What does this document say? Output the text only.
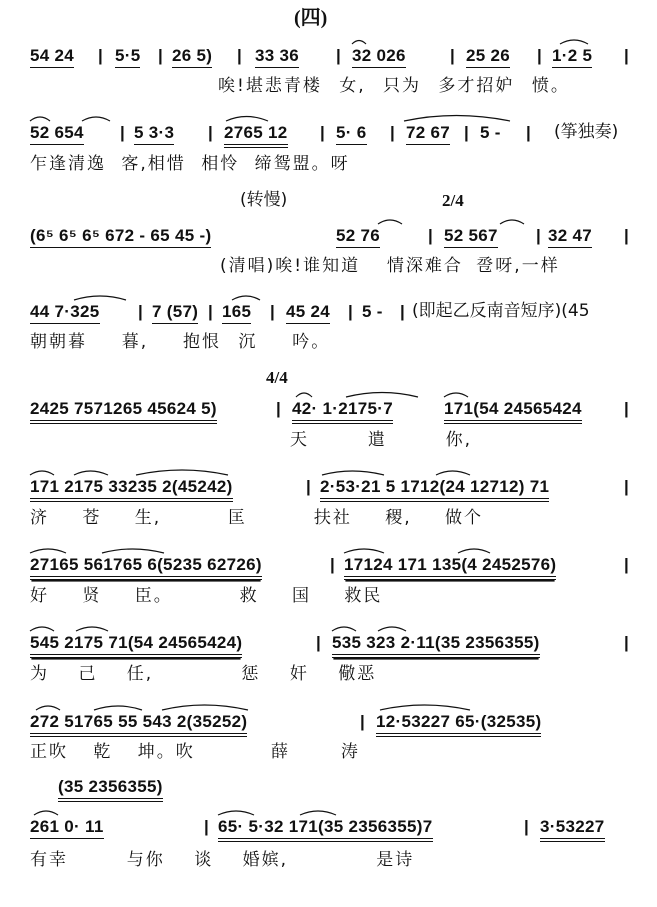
(四)
54 24 | 5·5 | 26 5) | 33 36 | 32 026	| 25 26 | 1·2 5 |
唉!堪悲青楼 女, 只为 多才招妒 愤。
52 654 | 5 3·3 | 2765 12 | 5· 6 | 72 67 | 5 - | (筝独奏)
乍逢清逸 客,相惜 相怜 缔鸳盟。呀
(转慢)	2/4
(6⁵ 6⁵ 6⁵ 672 - 65 45 -)	52 76	| 52 567 | 32 47 |
(清唱)唉!谁知道  情深难合 卺呀,一样
44 7·325 | 7 (57) | 165 | 45 24 | 5 - | (即起乙反南音短序)(45
朝朝暮  暮,  抱恨 沉  吟。
4/4
2425 7571265 45624 5)	| 42· 1·2175·7	171(54 24565424 |
天  遣  你,
171 2175 33235 2(45242)	| 2·53·21 5 1712(24 12712) 71	|
济 苍 生,  匡  扶社 稷, 做个
27165 561765 6(5235 62726)	| 17124 171 135(4 2452576)	|
好 贤 臣。  救 国 救民
545 2175 71(54 24565424)	| 535 323 2·11(35 2356355)	|
为 己 任,   惩 奸 儆恶
272 51765 55 543 2(35252)	| 12·53227 65·(32535)
正吹 乾 坤。吹   薛  涛
(35 2356355)
261 0· 11	| 65· 5·32 171(35 2356355)7	| 3·53227
有幸  与你 谈 婚嫔,   是诗
